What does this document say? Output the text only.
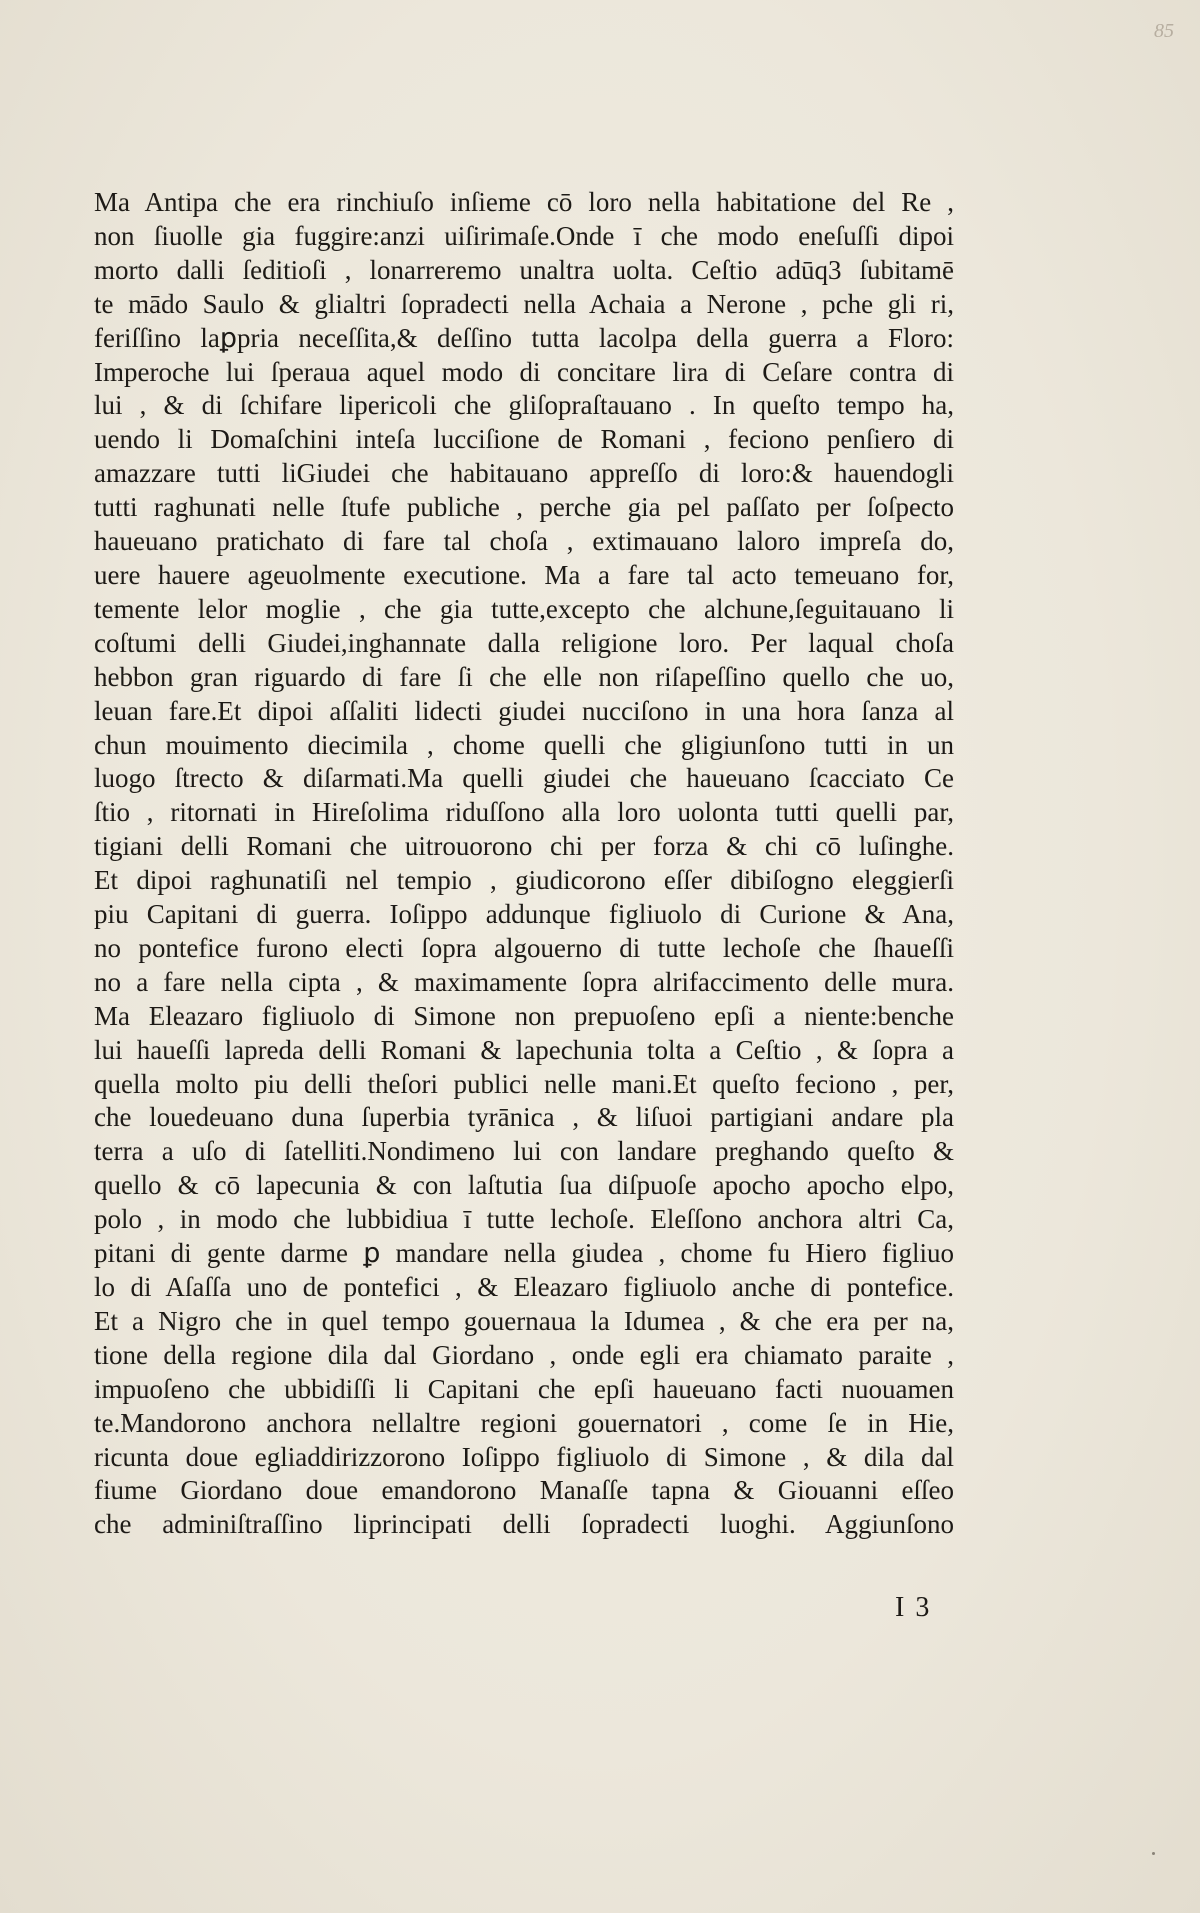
85
Ma Antipa che era rinchiuſo inſieme cō loro nella habitatione del Re ,
non ſiuolle gia fuggire:anzi uiſirimaſe.Onde ī che modo eneſuſſi dipoi
morto dalli ſeditioſi , lonarreremo unaltra uolta. Ceſtio adūq3 ſubitamē
te mādo Saulo & glialtri ſopradecti nella Achaia a Nerone , pche gli ri,
feriſſino laꝑpria neceſſita,& deſſino tutta lacolpa della guerra a Floro:
Imperoche lui ſperaua aquel modo di concitare lira di Ceſare contra di
lui , & di ſchifare lipericoli che gliſopraſtauano . In queſto tempo ha,
uendo li Domaſchini inteſa lucciſione de Romani , feciono penſiero di
amazzare tutti liGiudei che habitauano appreſſo di loro:& hauendogli
tutti raghunati nelle ſtufe publiche , perche gia pel paſſato per ſoſpecto
haueuano pratichato di fare tal choſa , extimauano laloro impreſa do,
uere hauere ageuolmente executione. Ma a fare tal acto temeuano for,
temente lelor moglie , che gia tutte,excepto che alchune,ſeguitauano li
coſtumi delli Giudei,inghannate dalla religione loro. Per laqual choſa
hebbon gran riguardo di fare ſi che elle non riſapeſſino quello che uo,
leuan fare.Et dipoi aſſaliti lidecti giudei nucciſono in una hora ſanza al
chun mouimento diecimila , chome quelli che gligiunſono tutti in un
luogo ſtrecto & diſarmati.Ma quelli giudei che haueuano ſcacciato Ce
ſtio , ritornati in Hireſolima riduſſono alla loro uolonta tutti quelli par,
tigiani delli Romani che uitrouorono chi per forza & chi cō luſinghe.
Et dipoi raghunatiſi nel tempio , giudicorono eſſer dibiſogno eleggierſi
piu Capitani di guerra. Ioſippo addunque figliuolo di Curione & Ana,
no pontefice furono electi ſopra algouerno di tutte lechoſe che ſhaueſſi
no a fare nella cipta , & maximamente ſopra alrifaccimento delle mura.
Ma Eleazaro figliuolo di Simone non prepuoſeno epſi a niente:benche
lui haueſſi lapreda delli Romani & lapechunia tolta a Ceſtio , & ſopra a
quella molto piu delli theſori publici nelle mani.Et queſto feciono , per,
che louedeuano duna ſuperbia tyrānica , & liſuoi partigiani andare pla
terra a uſo di ſatelliti.Nondimeno lui con landare preghando queſto &
quello & cō lapecunia & con laſtutia ſua diſpuoſe apocho apocho elpo,
polo , in modo che lubbidiua ī tutte lechoſe. Eleſſono anchora altri Ca,
pitani di gente darme ꝑ mandare nella giudea , chome fu Hiero figliuo
lo di Aſaſſa uno de pontefici , & Eleazaro figliuolo anche di pontefice.
Et a Nigro che in quel tempo gouernaua la Idumea , & che era per na,
tione della regione dila dal Giordano , onde egli era chiamato paraite ,
impuoſeno che ubbidiſſi li Capitani che epſi haueuano facti nuouamen
te.Mandorono anchora nellaltre regioni gouernatori , come ſe in Hie,
ricunta doue egliaddirizzorono Ioſippo figliuolo di Simone , & dila dal
fiume Giordano doue emandorono Manaſſe tapna & Giouanni eſſeo
che adminiſtraſſino liprincipati delli ſopradecti luoghi. Aggiunſono
I 3
